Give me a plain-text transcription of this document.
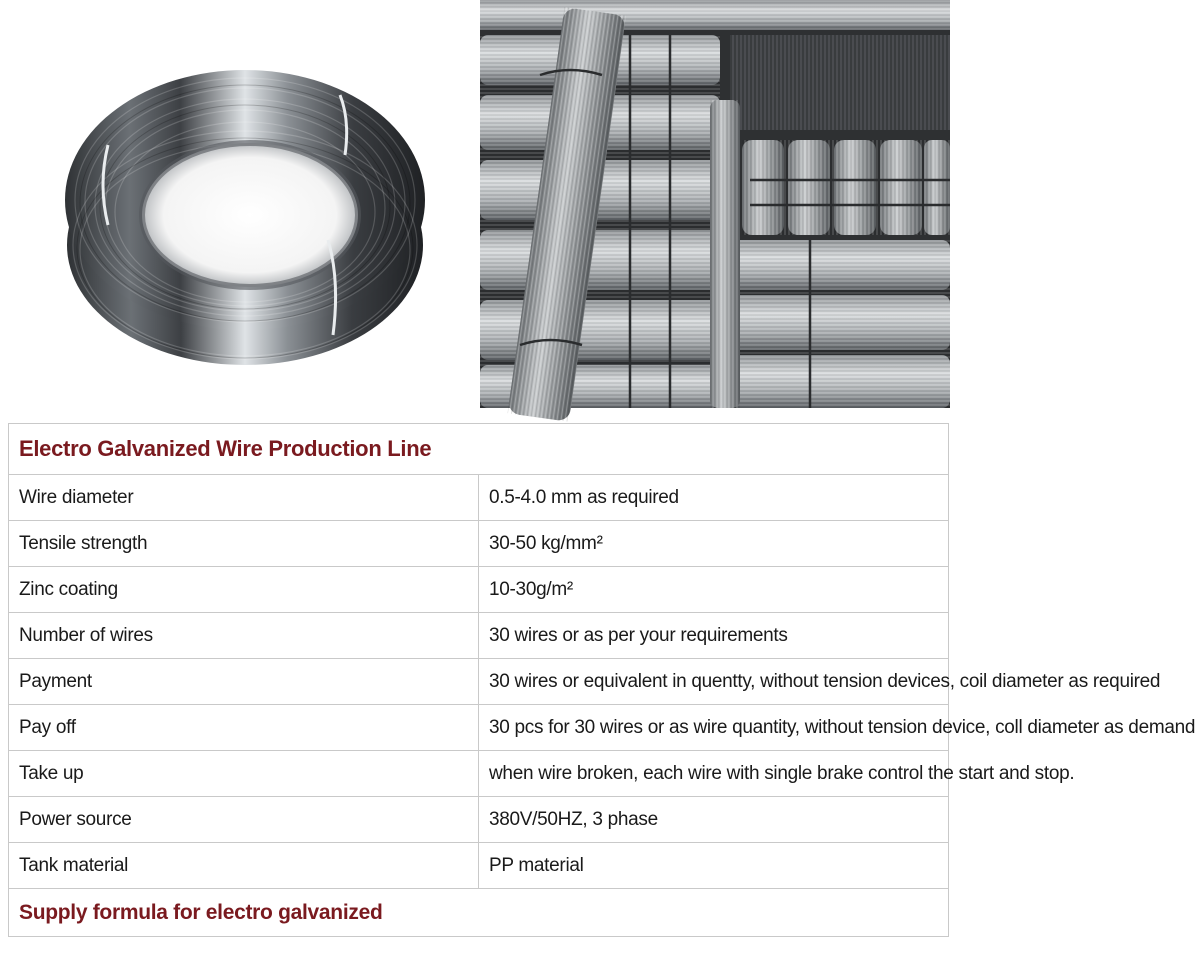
Electro Galvanized Wire Production Line	
Wire diameter	0.5-4.0 mm as required
Tensile strength	30-50 kg/mm²
Zinc coating	10-30g/m²
Number of wires	30 wires or as per your requirements
Payment	30 wires or equivalent in quentty, without tension devices, coil diameter as required
Pay off	30 pcs for 30 wires or as wire quantity, without tension device, coll diameter as demand
Take up	when wire broken, each wire with single brake control the start and stop.
Power source	380V/50HZ, 3 phase
Tank material	PP material
Supply formula for electro galvanized	
